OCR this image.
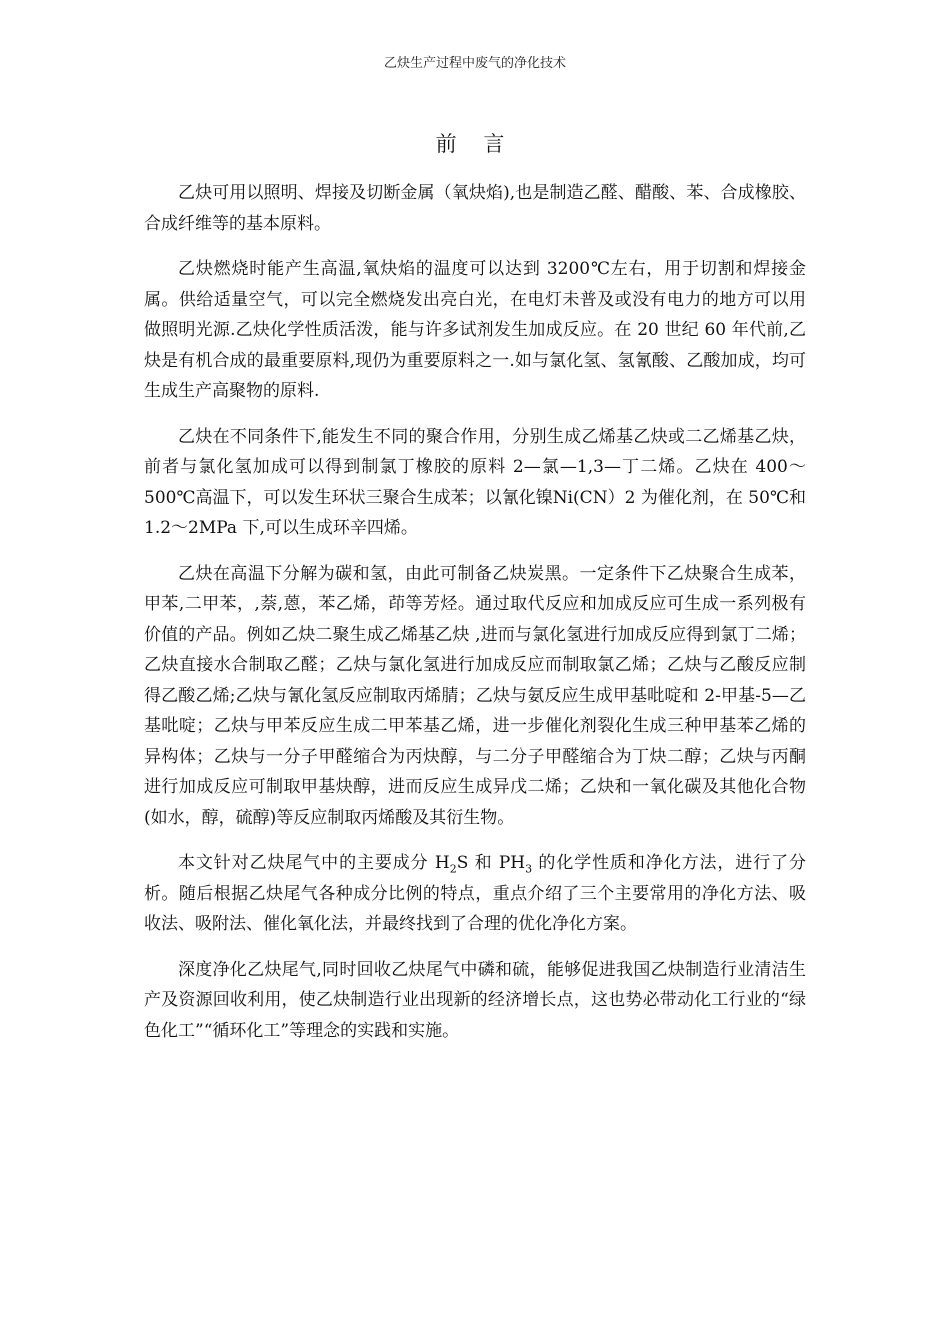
乙炔生产过程中废气的净化技术
前 言

乙炔可用以照明、焊接及切断金属（氧炔焰),也是制造乙醛、醋酸、苯、合成橡胶、合成纤维等的基本原料。

乙炔燃烧时能产生高温,氧炔焰的温度可以达到 3200℃左右，用于切割和焊接金属。供给适量空气，可以完全燃烧发出亮白光，在电灯未普及或没有电力的地方可以用做照明光源.乙炔化学性质活泼，能与许多试剂发生加成反应。在 20 世纪 60 年代前,乙炔是有机合成的最重要原料,现仍为重要原料之一.如与氯化氢、氢氰酸、乙酸加成，均可生成生产高聚物的原料.

乙炔在不同条件下,能发生不同的聚合作用，分别生成乙烯基乙炔或二乙烯基乙炔，前者与氯化氢加成可以得到制氯丁橡胶的原料 2—氯—1,3—丁二烯。乙炔在 400～500℃高温下，可以发生环状三聚合生成苯；以氰化镍Ni(CN）2 为催化剂，在 50℃和 1.2～2MPa 下,可以生成环辛四烯。

乙炔在高温下分解为碳和氢，由此可制备乙炔炭黑。一定条件下乙炔聚合生成苯，甲苯,二甲苯，,萘,蒽，苯乙烯，茚等芳烃。通过取代反应和加成反应可生成一系列极有价值的产品。例如乙炔二聚生成乙烯基乙炔 ,进而与氯化氢进行加成反应得到氯丁二烯；乙炔直接水合制取乙醛；乙炔与氯化氢进行加成反应而制取氯乙烯；乙炔与乙酸反应制得乙酸乙烯;乙炔与氰化氢反应制取丙烯腈；乙炔与氨反应生成甲基吡啶和 2-甲基-5—乙基吡啶；乙炔与甲苯反应生成二甲苯基乙烯，进一步催化剂裂化生成三种甲基苯乙烯的异构体；乙炔与一分子甲醛缩合为丙炔醇，与二分子甲醛缩合为丁炔二醇；乙炔与丙酮进行加成反应可制取甲基炔醇，进而反应生成异戊二烯；乙炔和一氧化碳及其他化合物(如水，醇，硫醇)等反应制取丙烯酸及其衍生物。

本文针对乙炔尾气中的主要成分 $H_2S$ 和 $PH_3$ 的化学性质和净化方法，进行了分析。随后根据乙炔尾气各种成分比例的特点，重点介绍了三个主要常用的净化方法、吸收法、吸附法、催化氧化法，并最终找到了合理的优化净化方案。

深度净化乙炔尾气,同时回收乙炔尾气中磷和硫，能够促进我国乙炔制造行业清洁生产及资源回收利用，使乙炔制造行业出现新的经济增长点，这也势必带动化工行业的“绿色化工”“循环化工”等理念的实践和实施。
